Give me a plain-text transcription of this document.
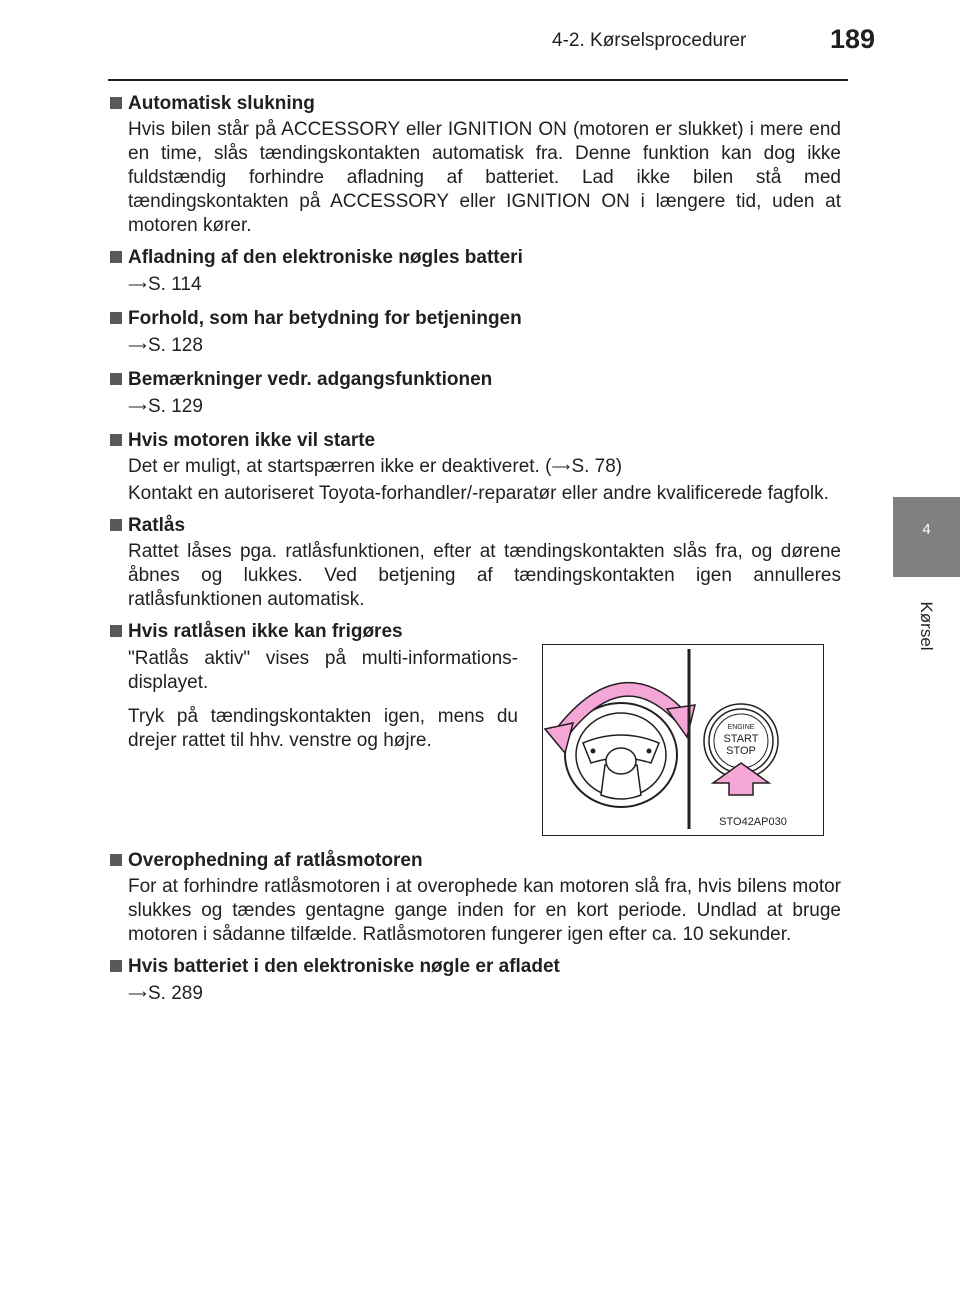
4-2. Kørselsprocedurer	189
4
Kørsel
Automatisk slukning

Hvis bilen står på ACCESSORY eller IGNITION ON (motoren er slukket) i mere end en time, slås tændingskontakten automatisk fra. Denne funktion kan dog ikke fuldstændig forhindre afladning af batteriet. Lad ikke bilen stå med tændingskontakten på ACCESSORY eller IGNITION ON i længere tid, uden at motoren kører.

Afladning af den elektroniske nøgles batteri
⟶S. 114
Forhold, som har betydning for betjeningen
⟶S. 128
Bemærkninger vedr. adgangsfunktionen
⟶S. 129
Hvis motoren ikke vil starte

Det er muligt, at startspærren ikke er deaktiveret. (⟶S. 78)

Kontakt en autoriseret Toyota-forhandler/-reparatør eller andre kvalificerede fagfolk.

Ratlås

Rattet låses pga. ratlåsfunktionen, efter at tændingskontakten slås fra, og dørene åbnes og lukkes. Ved betjening af tændingskontakten igen annulleres ratlåsfunktionen automatisk.

Hvis ratlåsen ikke kan frigøres

"Ratlås aktiv" vises på multi-informations-displayet.

Tryk på tændingskontakten igen, mens du drejer rattet til hhv. venstre og højre.

ENGINE
START
STOP
STO42AP030
Overophedning af ratlåsmotoren

For at forhindre ratlåsmotoren i at overophede kan motoren slå fra, hvis bilens motor slukkes og tændes gentagne gange inden for en kort periode. Undlad at bruge motoren i sådanne tilfælde. Ratlåsmotoren fungerer igen efter ca. 10 sekunder.

Hvis batteriet i den elektroniske nøgle er afladet
⟶S. 289
